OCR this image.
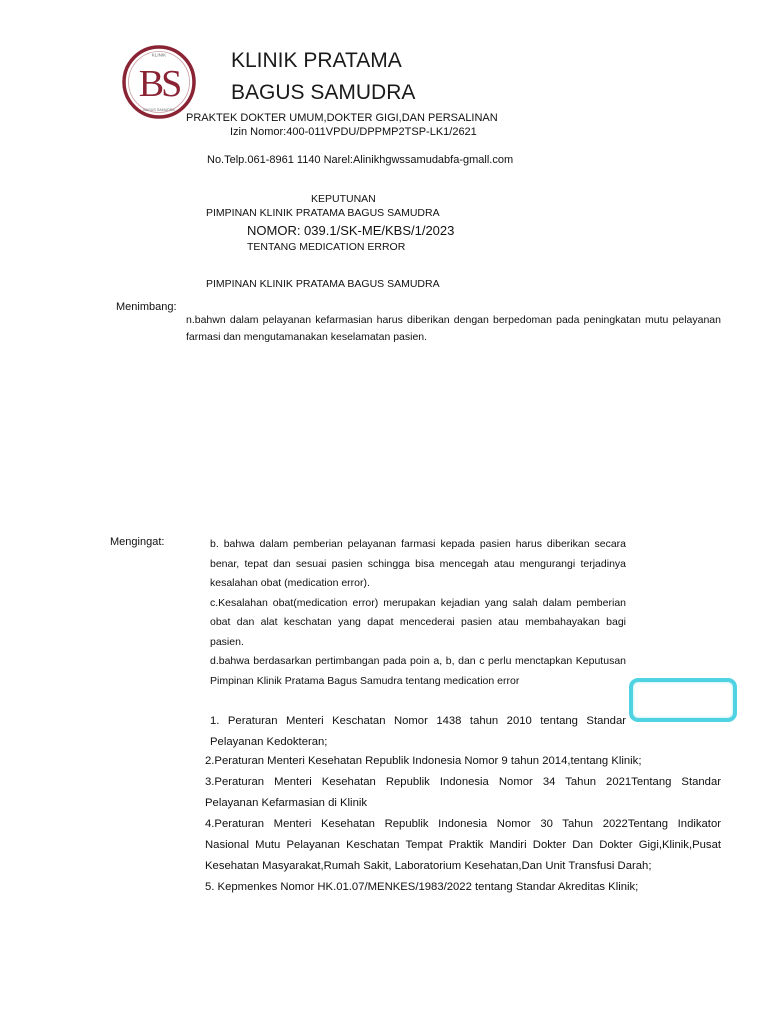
KLINIK
BS
BAGUS SAMUDRA
KLINIK PRATAMA
BAGUS SAMUDRA
PRAKTEK DOKTER UMUM,DOKTER GIGI,DAN PERSALINAN
Izin Nomor:400-011VPDU/DPPMP2TSP-LK1/2621
No.Telp.061-8961 1140 Narel:Alinikhgwssamudabfa-gmall.com
KEPUTUNAN
PIMPINAN KLINIK PRATAMA BAGUS SAMUDRA
NOMOR: 039.1/SK-ME/KBS/1/2023
TENTANG MEDICATION ERROR
PIMPINAN KLINIK PRATAMA BAGUS SAMUDRA
Menimbang:
n.bahwn dalam pelayanan kefarmasian harus diberikan dengan berpedoman pada peningkatan mutu pelayanan
farmasi dan mengutamanakan keselamatan pasien.
Mengingat:	b. bahwa dalam pemberian pelayanan farmasi kepada pasien harus diberikan secara
benar, tepat dan sesuai pasien schingga bisa mencegah atau mengurangi terjadinya
kesalahan obat (medication error).
c.Kesalahan obat(medication error) merupakan kejadian yang salah dalam pemberian
obat dan alat keschatan yang dapat mencederai pasien atau membahayakan bagi
pasien.
d.bahwa berdasarkan pertimbangan pada poin a, b, dan c perlu menctapkan Keputusan
Pimpinan Klinik Pratama Bagus Samudra tentang medication error
1. Peraturan Menteri Keschatan Nomor 1438 tahun 2010 tentang Standar
Pelayanan Kedokteran;
2.Peraturan Menteri Kesehatan Republik Indonesia Nomor 9 tahun 2014,tentang Klinik;
3.Peraturan Menteri Kesehatan Republik Indonesia Nomor 34 Tahun 2021Tentang Standar
Pelayanan Kefarmasian di Klinik
4.Peraturan Menteri Kesehatan Republik Indonesia Nomor 30 Tahun 2022Tentang Indikator
Nasional Mutu Pelayanan Keschatan Tempat Praktik Mandiri Dokter Dan Dokter Gigi,Klinik,Pusat
Kesehatan Masyarakat,Rumah Sakit, Laboratorium Kesehatan,Dan Unit Transfusi Darah;
5. Kepmenkes Nomor HK.01.07/MENKES/1983/2022 tentang Standar Akreditas Klinik;
